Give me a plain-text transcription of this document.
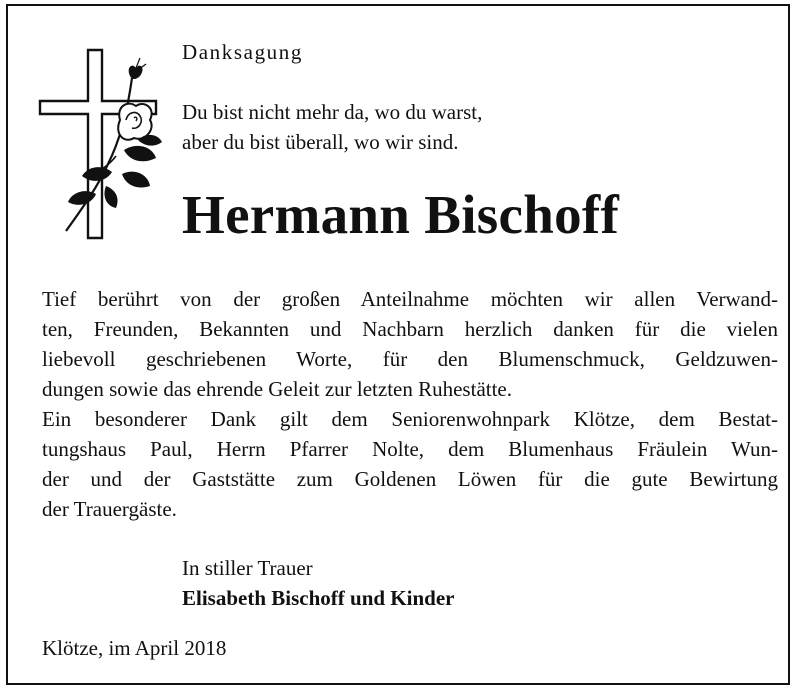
Danksagung
Du bist nicht mehr da, wo du warst,
aber du bist überall, wo wir sind.
Hermann Bischoff
Tief berührt von der großen Anteilnahme möchten wir allen Verwand-
ten, Freunden, Bekannten und Nachbarn herzlich danken für die vielen
liebevoll geschriebenen Worte, für den Blumenschmuck, Geldzuwen-
dungen sowie das ehrende Geleit zur letzten Ruhestätte.
Ein besonderer Dank gilt dem Seniorenwohnpark Klötze, dem Bestat-
tungshaus Paul, Herrn Pfarrer Nolte, dem Blumenhaus Fräulein Wun-
der und der Gaststätte zum Goldenen Löwen für die gute Bewirtung
der Trauergäste.
In stiller Trauer
Elisabeth Bischoff und Kinder
Klötze, im April 2018
